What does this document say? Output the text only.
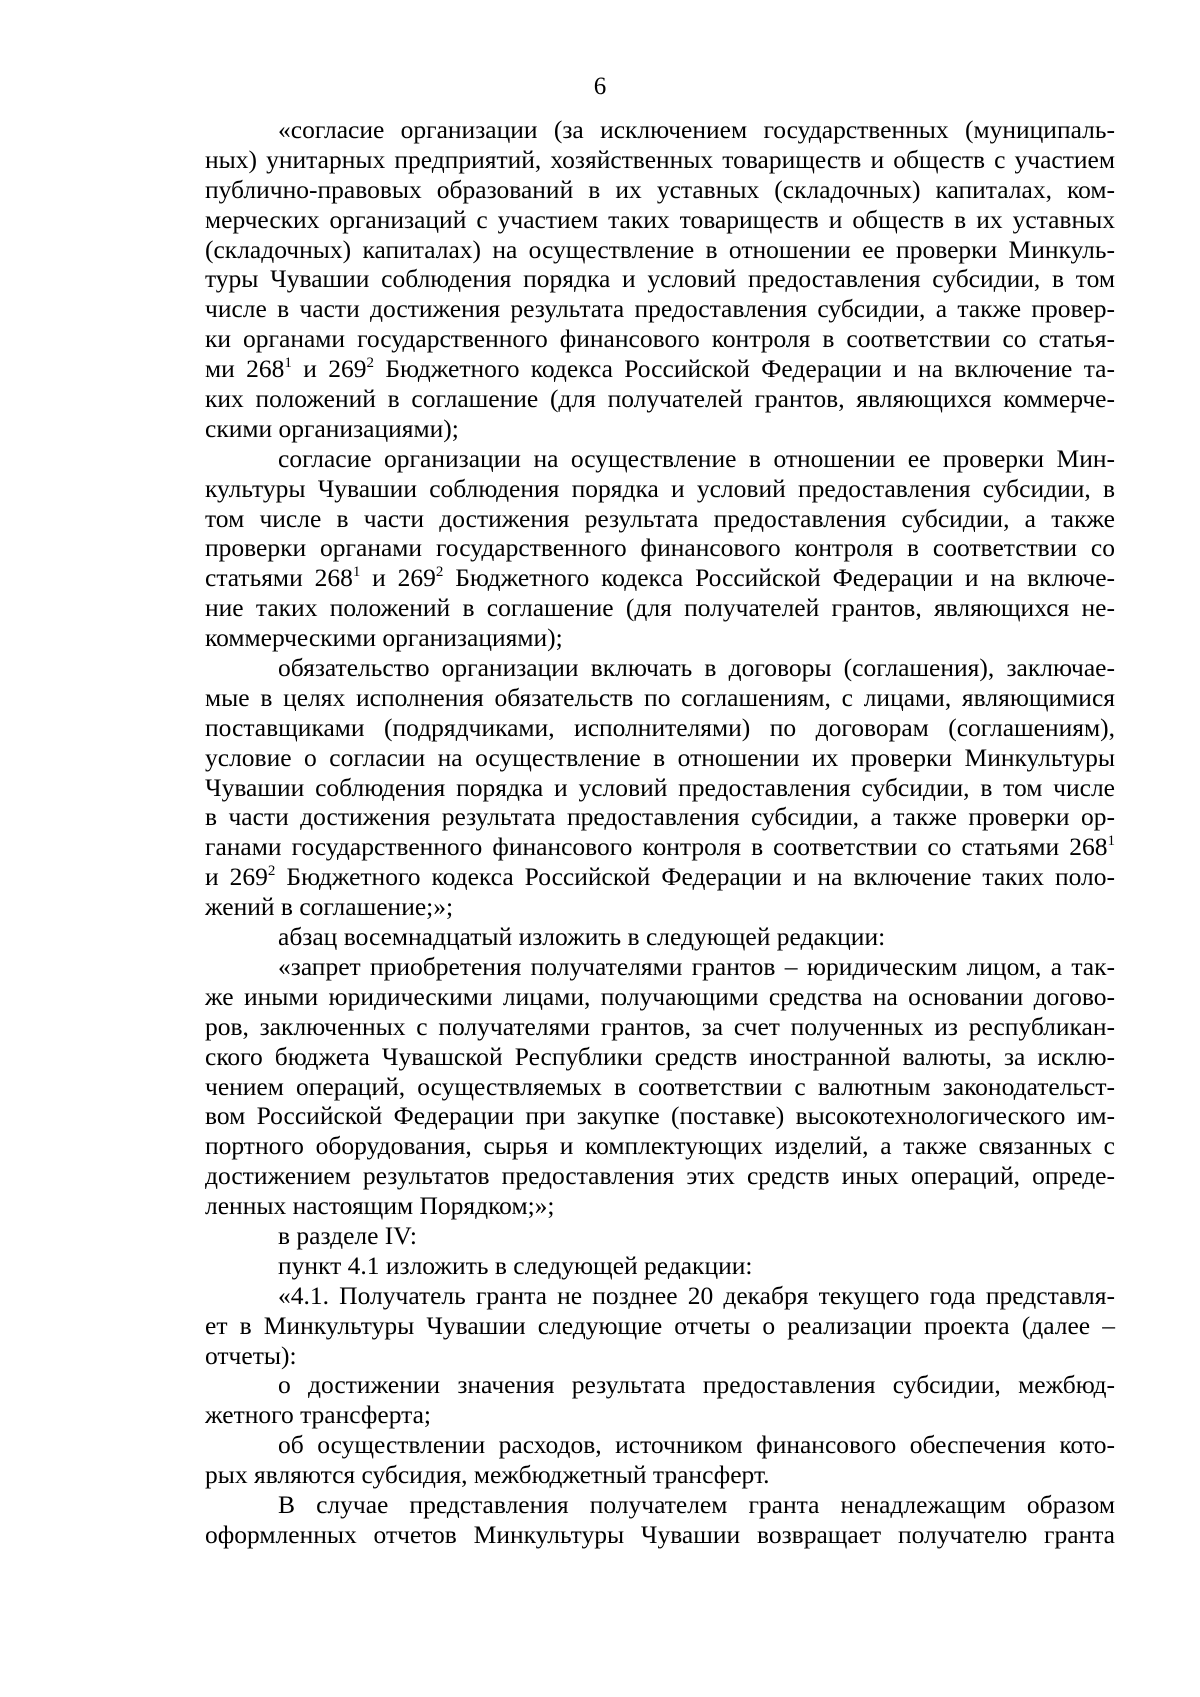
6
«согласие организации (за исключением государственных (муниципаль-
ных) унитарных предприятий, хозяйственных товариществ и обществ с участием
публично-правовых образований в их уставных (складочных) капиталах, ком-
мерческих организаций с участием таких товариществ и обществ в их уставных
(складочных) капиталах) на осуществление в отношении ее проверки Минкуль-
туры Чувашии соблюдения порядка и условий предоставления субсидии, в том
числе в части достижения результата предоставления субсидии, а также провер-
ки органами государственного финансового контроля в соответствии со статья-
ми $268^1$ и $269^2$ Бюджетного кодекса Российской Федерации и на включение та-
ких положений в соглашение (для получателей грантов, являющихся коммерче-
скими организациями);
согласие организации на осуществление в отношении ее проверки Мин-
культуры Чувашии соблюдения порядка и условий предоставления субсидии, в
том числе в части достижения результата предоставления субсидии, а также
проверки органами государственного финансового контроля в соответствии со
статьями $268^1$ и $269^2$ Бюджетного кодекса Российской Федерации и на включе-
ние таких положений в соглашение (для получателей грантов, являющихся не-
коммерческими организациями);
обязательство организации включать в договоры (соглашения), заключае-
мые в целях исполнения обязательств по соглашениям, с лицами, являющимися
поставщиками (подрядчиками, исполнителями) по договорам (соглашениям),
условие о согласии на осуществление в отношении их проверки Минкультуры
Чувашии соблюдения порядка и условий предоставления субсидии, в том числе
в части достижения результата предоставления субсидии, а также проверки ор-
ганами государственного финансового контроля в соответствии со статьями $268^1$
и $269^2$ Бюджетного кодекса Российской Федерации и на включение таких поло-
жений в соглашение;»;
абзац восемнадцатый изложить в следующей редакции:
«запрет приобретения получателями грантов – юридическим лицом, а так-
же иными юридическими лицами, получающими средства на основании догово-
ров, заключенных с получателями грантов, за счет полученных из республикан-
ского бюджета Чувашской Республики средств иностранной валюты, за исклю-
чением операций, осуществляемых в соответствии с валютным законодательст-
вом Российской Федерации при закупке (поставке) высокотехнологического им-
портного оборудования, сырья и комплектующих изделий, а также связанных с
достижением результатов предоставления этих средств иных операций, опреде-
ленных настоящим Порядком;»;
в разделе IV:
пункт 4.1 изложить в следующей редакции:
«4.1. Получатель гранта не позднее 20 декабря текущего года представля-
ет в Минкультуры Чувашии следующие отчеты о реализации проекта (далее –
отчеты):
о достижении значения результата предоставления субсидии, межбюд-
жетного трансферта;
об осуществлении расходов, источником финансового обеспечения кото-
рых являются субсидия, межбюджетный трансферт.
В случае представления получателем гранта ненадлежащим образом
оформленных отчетов Минкультуры Чувашии возвращает получателю гранта
